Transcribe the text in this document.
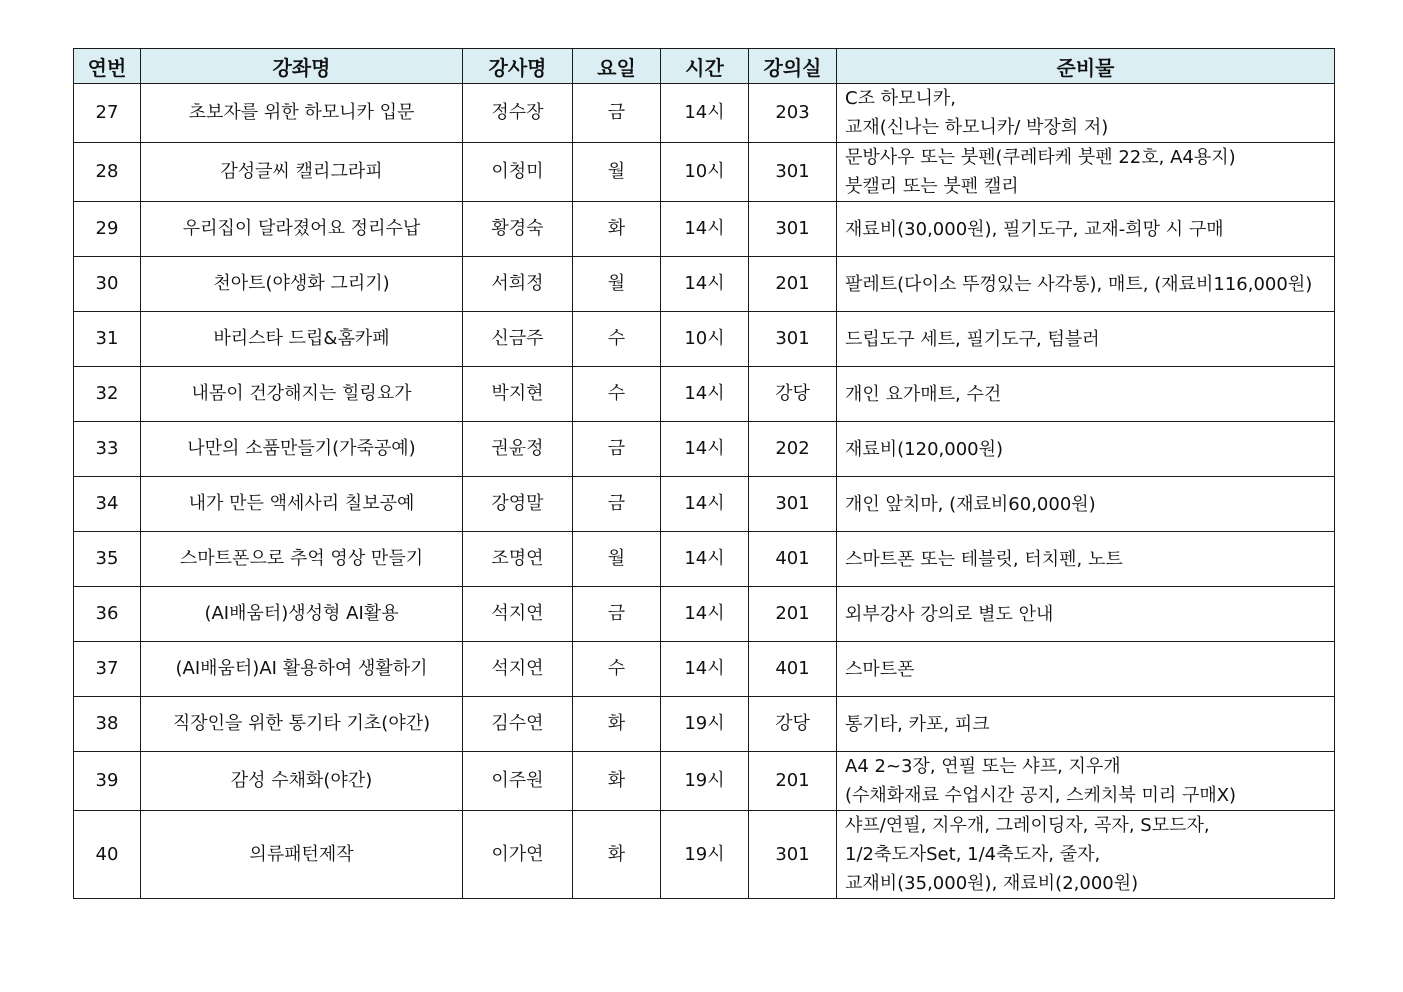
연번	강좌명	강사명	요일	시간	강의실	준비물
27	초보자를 위한 하모니카 입문	정수장	금	14시	203	C조 하모니카,
교재(신나는 하모니카/ 박장희 저)

28	감성글씨 캘리그라피	이청미	월	10시	301	문방사우 또는 붓펜(쿠레타케 붓펜 22호, A4용지)
붓캘리 또는 붓펜 캘리

29	우리집이 달라졌어요 정리수납	황경숙	화	14시	301	재료비(30,000원), 필기도구, 교재-희망 시 구매

30	천아트(야생화 그리기)	서희정	월	14시	201	팔레트(다이소 뚜껑있는 사각통), 매트, (재료비116,000원)

31	바리스타 드립&홈카페	신금주	수	10시	301	드립도구 세트, 필기도구, 텀블러

32	내몸이 건강해지는 힐링요가	박지현	수	14시	강당	개인 요가매트, 수건

33	나만의 소품만들기(가죽공예)	권윤정	금	14시	202	재료비(120,000원)

34	내가 만든 액세사리 칠보공예	강영말	금	14시	301	개인 앞치마, (재료비60,000원)

35	스마트폰으로 추억 영상 만들기	조명연	월	14시	401	스마트폰 또는 테블릿, 터치펜, 노트

36	(AI배움터)생성형 AI활용	석지연	금	14시	201	외부강사 강의로 별도 안내

37	(AI배움터)AI 활용하여 생활하기	석지연	수	14시	401	스마트폰

38	직장인을 위한 통기타 기초(야간)	김수연	화	19시	강당	통기타, 카포, 피크

39	감성 수채화(야간)	이주원	화	19시	201	A4 2~3장, 연필 또는 샤프, 지우개
(수채화재료 수업시간 공지, 스케치북 미리 구매X)

40	의류패턴제작	이가연	화	19시	301	샤프/연필, 지우개, 그레이딩자, 곡자, S모드자,
1/2축도자Set, 1/4축도자, 줄자,
교재비(35,000원), 재료비(2,000원)
